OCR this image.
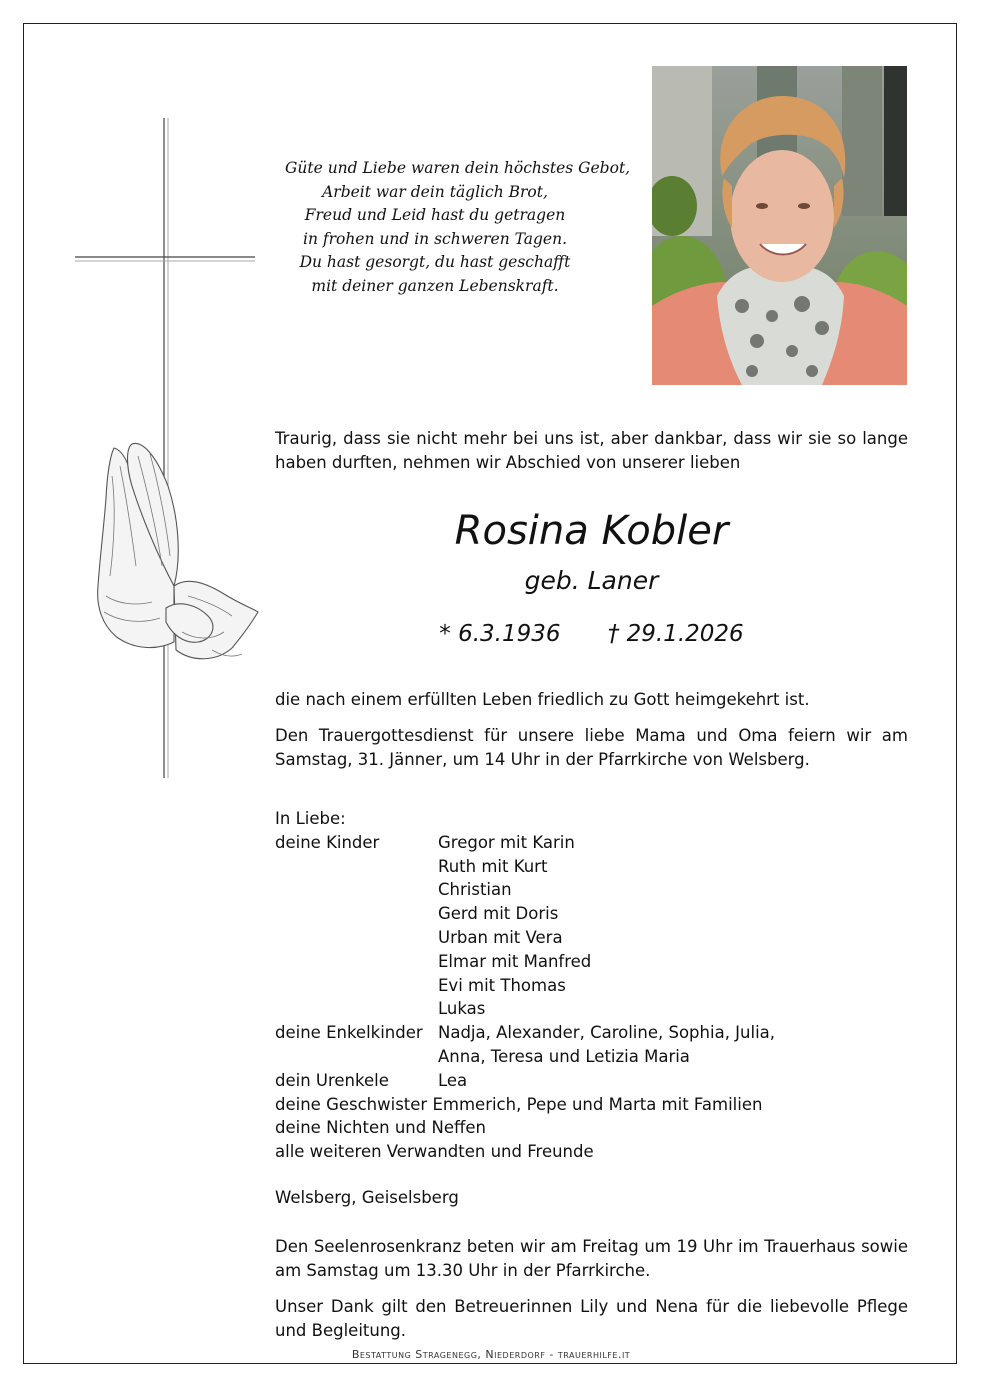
Güte und Liebe waren dein höchstes Gebot,
Arbeit war dein täglich Brot,
Freud und Leid hast du getragen
in frohen und in schweren Tagen.
Du hast gesorgt, du hast geschafft
mit deiner ganzen Lebenskraft.
Traurig, dass sie nicht mehr bei uns ist, aber dankbar, dass wir sie so lange haben durften, nehmen wir Abschied von unserer lieben
Rosina Kobler
geb. Laner
* 6.3.1936 † 29.1.2026
die nach einem erfüllten Leben friedlich zu Gott heimgekehrt ist.
Den Trauergottesdienst für unsere liebe Mama und Oma feiern wir am Samstag, 31. Jänner, um 14 Uhr in der Pfarrkirche von Welsberg.
In Liebe:
deine Kinder	Gregor mit Karin
Ruth mit Kurt
Christian
Gerd mit Doris
Urban mit Vera
Elmar mit Manfred
Evi mit Thomas
Lukas
deine Enkelkinder Nadja, Alexander, Caroline, Sophia, Julia,
Anna, Teresa und Letizia Maria
dein Urenkele	Lea
deine Geschwister Emmerich, Pepe und Marta mit Familien
deine Nichten und Neffen
alle weiteren Verwandten und Freunde
Welsberg, Geiselsberg
Den Seelenrosenkranz beten wir am Freitag um 19 Uhr im Trauerhaus sowie am Samstag um 13.30 Uhr in der Pfarrkirche.
Unser Dank gilt den Betreuerinnen Lily und Nena für die liebevolle Pflege und Begleitung.
Bestattung Stragenegg, Niederdorf - trauerhilfe.it
